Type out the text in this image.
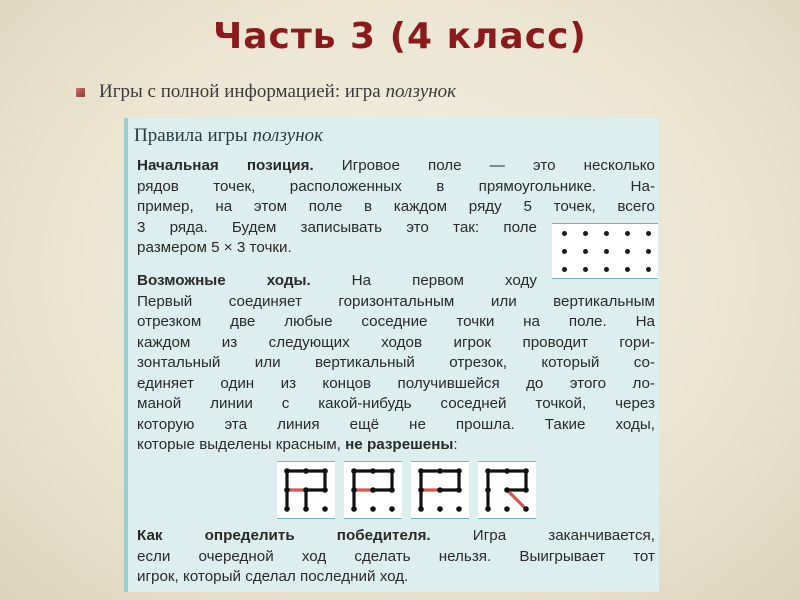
Часть 3 (4 класс)
Игры с полной информацией: игра ползунок
Правила игры ползунок
Начальная позиция. Игровое поле — это несколько
рядов точек, расположенных в прямоугольнике. На-
пример, на этом поле в каждом ряду 5 точек, всего
3 ряда. Будем записывать это так: поле
размером 5 × 3 точки.
Возможные ходы. На первом ходу
Первый соединяет горизонтальным или вертикальным
отрезком две любые соседние точки на поле. На
каждом из следующих ходов игрок проводит гори-
зонтальный или вертикальный отрезок, который со-
единяет один из концов получившейся до этого ло-
маной линии с какой-нибудь соседней точкой, через
которую эта линия ещё не прошла. Такие ходы,
которые выделены красным, не разрешены:
Как определить победителя. Игра заканчивается,
если очередной ход сделать нельзя. Выигрывает тот
игрок, который сделал последний ход.
